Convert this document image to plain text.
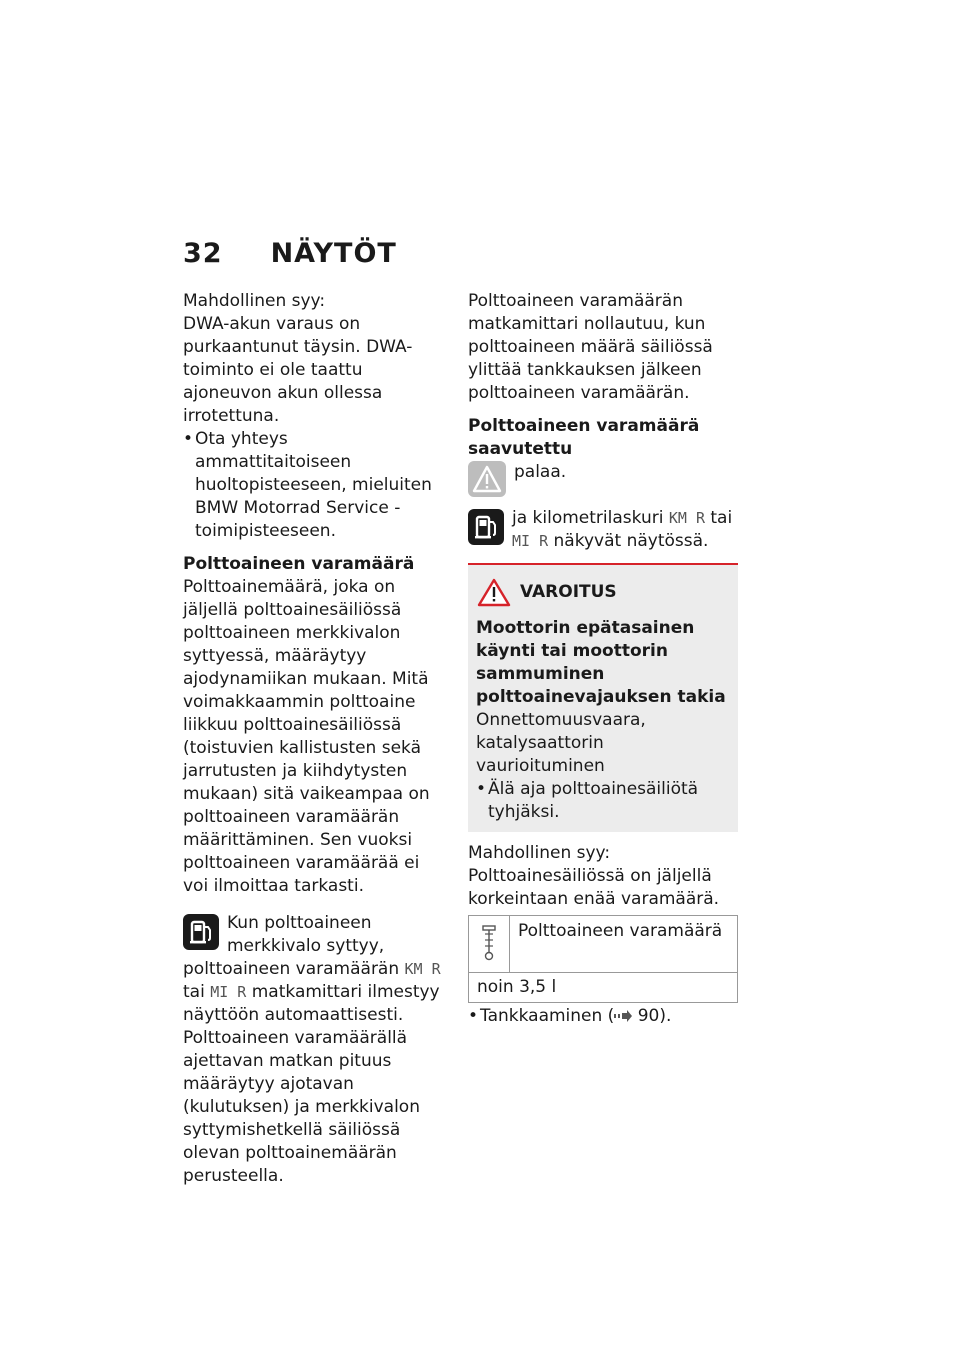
32 NÄYTÖT

Mahdollinen syy:

DWA-akun varaus on purkaantunut täysin. DWA-toiminto ei ole taattu ajoneuvon akun ollessa irrotettuna.

• Ota yhteys ammattitaitoiseen huoltopisteeseen, mieluiten BMW Motorrad Service -toimipisteeseen.

Polttoaineen varamäärä

Polttoainemäärä, joka on jäljellä polttoainesäiliössä polttoaineen merkkivalon syttyessä, määräytyy ajodynamiikan mukaan. Mitä voimakkaammin polttoaine liikkuu polttoainesäiliössä (toistuvien kallistusten sekä jarrutusten ja kiihdytysten mukaan) sitä vaikeampaa on polttoaineen varamäärän määrittäminen. Sen vuoksi polttoaineen varamäärää ei voi ilmoittaa tarkasti.

Kun polttoaineen merkkivalo syttyy, polttoaineen varamäärän KM R tai MI R matkamittari ilmestyy näyttöön automaattisesti.

Polttoaineen varamäärällä ajettavan matkan pituus määräytyy ajotavan (kulutuksen) ja merkkivalon syttymishetkellä säiliössä olevan polttoainemäärän perusteella.

Polttoaineen varamäärän matkamittari nollautuu, kun polttoaineen määrä säiliössä ylittää tankkauksen jälkeen polttoaineen varamäärän.

Polttoaineen varamäärä saavutettu

palaa.
ja kilometrilaskuri KM R tai MI R näkyvät näytössä.
VAROITUS

Moottorin epätasainen käynti tai moottorin sammuminen polttoainevajauksen takia

Onnettomuusvaara, katalysaattorin vaurioituminen

• Älä aja polttoainesäiliötä tyhjäksi.

Mahdollinen syy:

Polttoainesäiliössä on jäljellä korkeintaan enää varamäärä.

Polttoaineen varamäärä
noin 3,5 l
• Tankkaaminen ( 90).
